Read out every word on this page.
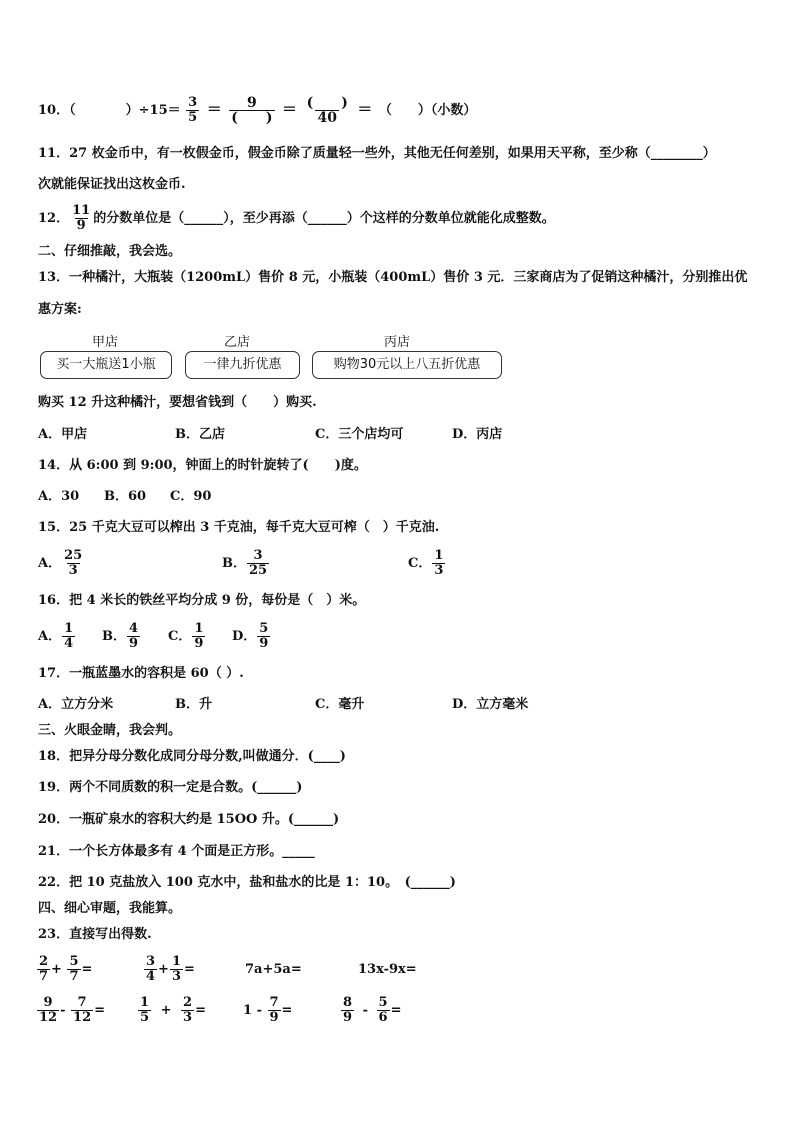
10．（	）$\div 15= \frac{3}{5} = \frac{9}{( )} = \frac{( )}{40}$ ＝ （　　）（小数）
11．27 枚金币中，有一枚假金币，假金币除了质量轻一些外，其他无任何差别，如果用天平称，至少称（________）
次就能保证找出这枚金币.
12． $\frac{11}{9}$ 的分数单位是（______），至少再添（______）个这样的分数单位就能化成整数。
二、仔细推敲，我会选。
13．一种橘汁，大瓶装（1200mL）售价 8 元，小瓶装（400mL）售价 3 元．三家商店为了促销这种橘汁，分别推出优
惠方案:
甲店	乙店	丙店
买一大瓶送1小瓶	一律九折优惠	购物30元以上八五折优惠
购买 12 升这种橘汁，要想省钱到（　　）购买.
A．甲店	B．乙店	C．三个店均可	D．丙店
14．从 6:00 到 9:00，钟面上的时针旋转了(　　)度。
A．30 B．60 C．90
15．25 千克大豆可以榨出 3 千克油，每千克大豆可榨（　）千克油.
A． $\frac{25}{3}$	B． $\frac{3}{25}$	C． $\frac{1}{3}$
16．把 4 米长的铁丝平均分成 9 份，每份是（　）米。
A． $\frac{1}{4}$ B． $\frac{4}{9}$ C． $\frac{1}{9}$ D． $\frac{5}{9}$
17．一瓶蓝墨水的容积是 60（ ）.
A．立方分米	B．升	C．毫升	D．立方毫米
三、火眼金睛，我会判。
18．把异分母分数化成同分母分数,叫做通分．(____)
19．两个不同质数的积一定是合数。(______)
20．一瓶矿泉水的容积大约是 15OO 升。(______)
21．一个长方体最多有 4 个面是正方形。_____
22．把 10 克盐放入 100 克水中，盐和盐水的比是 1：10。　(______)
四、细心审题，我能算。
23．直接写出得数.
$\frac{2}{7} + \frac{5}{7}$ =	$\frac{3}{4} + \frac{1}{3}$ =	7a+5a=	13x-9x=
$\frac{9}{12} - \frac{7}{12}$ =	$\frac{1}{5} + \frac{2}{3}$ =	$1 - \frac{7}{9}$ =	$\frac{8}{9} - \frac{5}{6}$ =
